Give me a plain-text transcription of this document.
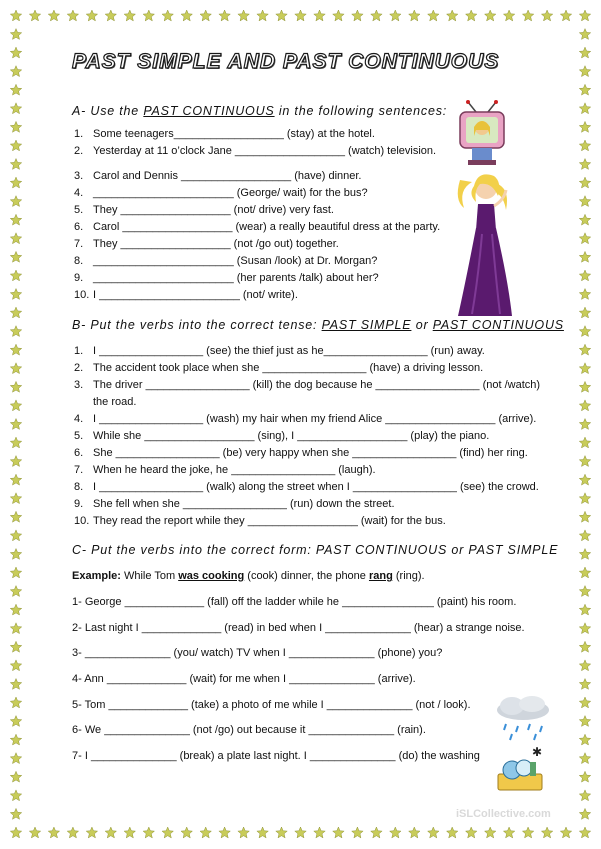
PAST SIMPLE AND PAST CONTINUOUS
A- Use the PAST CONTINUOUS in the following sentences:
1. Some teenagers__________________ (stay) at the hotel.
2. Yesterday at 11 o’clock Jane __________________ (watch) television.
3. Carol and Dennis __________________ (have) dinner.
4. _______________________ (George/ wait) for the bus?
5. They __________________ (not/ drive) very fast.
6. Carol __________________ (wear) a really beautiful dress at the party.
7. They __________________ (not /go out) together.
8. _______________________ (Susan /look) at Dr. Morgan?
9. _______________________ (her parents /talk) about her?
10. I _______________________ (not/ write).
B- Put the verbs into the correct tense: PAST SIMPLE or PAST CONTINUOUS
1. I _________________ (see) the thief just as he_________________ (run) away.
2. The accident took place when she _________________ (have) a driving lesson.
3. The driver _________________ (kill) the dog because he _________________ (not /watch)
the road.
4. I _________________ (wash) my hair when my friend Alice __________________ (arrive).
5. While she __________________ (sing), I __________________ (play) the piano.
6. She _________________ (be) very happy when she _________________ (find) her ring.
7. When he heard the joke, he _________________ (laugh).
8. I _________________ (walk) along the street when I _________________ (see) the crowd.
9. She fell when she _________________ (run) down the street.
10. They read the report while they __________________ (wait) for the bus.
C- Put the verbs into the correct form: PAST CONTINUOUS or PAST SIMPLE
Example: While Tom was cooking (cook) dinner, the phone rang (ring).
1- George _____________ (fall) off the ladder while he _______________ (paint) his room.
2- Last night I _____________ (read) in bed when I ______________ (hear) a strange noise.
3- ______________ (you/ watch) TV when I ______________ (phone) you?
4- Ann _____________ (wait) for me when I ______________ (arrive).
5- Tom _____________ (take) a photo of me while I ______________ (not / look).
6- We ______________ (not /go) out because it ______________ (rain).
7- I ______________ (break) a plate last night. I ______________ (do) the washing	✱
iSLCollective.com
